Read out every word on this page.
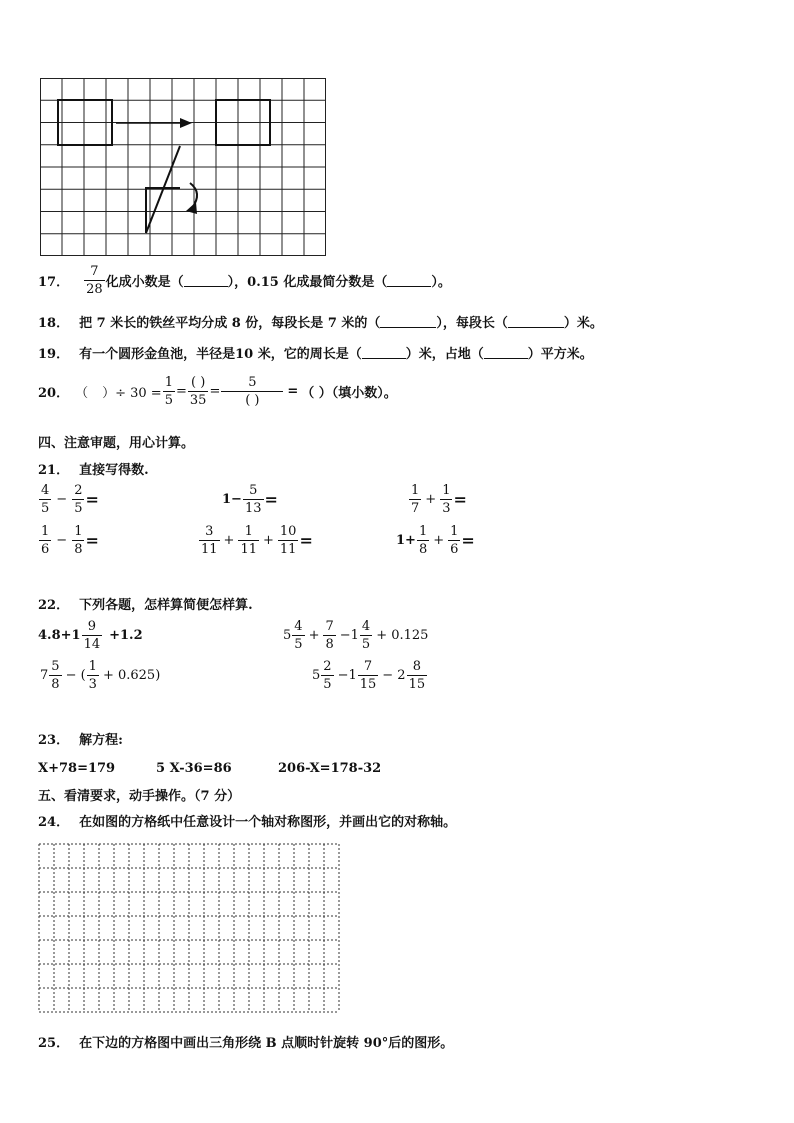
17． $\frac{7}{28}$ 化成小数是（	），0.15 化成最简分数是（	）。
18． 把 7 米长的铁丝平均分成 8 份，每段长是 7 米的（	），每段长（	）米。
19． 有一个圆形金鱼池，半径是10 米，它的周长是（	）米，占地（	）平方米。
20． （ ）÷ $30 = \frac{1}{5} = \frac{( )}{35} = \frac{5}{( )}$ = （ ）（填小数）。
四、注意审题，用心计算。
21． 直接写得数.
$\frac{4}{5} - \frac{2}{5}$ =	$1- \frac{5}{13}$ =	$\frac{1}{7} + \frac{1}{3}$ =
$\frac{1}{6} - \frac{1}{8}$ =	$\frac{3}{11} + \frac{1}{11} + \frac{10}{11}$ =	$1+ \frac{1}{8} + \frac{1}{6}$ =
22． 下列各题，怎样算简便怎样算.
$4.8+1 \frac{9}{14} +1.2$	$5 \frac{4}{5} + \frac{7}{8} -1 \frac{4}{5} + 0.125$
$7 \frac{5}{8}$ − ( $\frac{1}{3} + 0.625$)	$5 \frac{2}{5} -1 \frac{7}{15} - 2 \frac{8}{15}$
23． 解方程:
X+78=179	5 X-36=86	206-X=178-32
五、看清要求，动手操作。（7 分）
24． 在如图的方格纸中任意设计一个轴对称图形，并画出它的对称轴。
25． 在下边的方格图中画出三角形绕 B 点顺时针旋转 90°后的图形。
